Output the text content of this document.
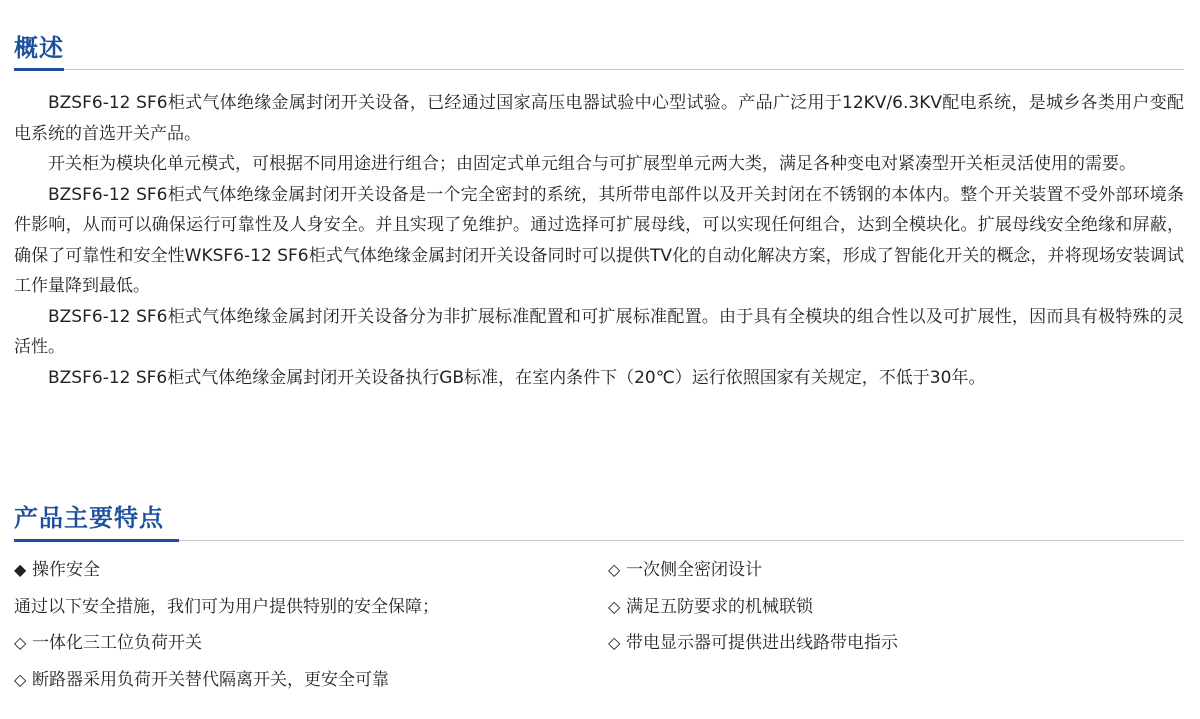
概述

BZSF6-12 SF6柜式气体绝缘金属封闭开关设备，已经通过国家高压电器试验中心型试验。产品广泛用于12KV/6.3KV配电系统，是城乡各类用户变配电系统的首选开关产品。

开关柜为模块化单元模式，可根据不同用途进行组合；由固定式单元组合与可扩展型单元两大类，满足各种变电对紧凑型开关柜灵活使用的需要。

BZSF6-12 SF6柜式气体绝缘金属封闭开关设备是一个完全密封的系统，其所带电部件以及开关封闭在不锈钢的本体内。整个开关装置不受外部环境条件影响，从而可以确保运行可靠性及人身安全。并且实现了免维护。通过选择可扩展母线，可以实现任何组合，达到全模块化。扩展母线安全绝缘和屏蔽，确保了可靠性和安全性WKSF6-12 SF6柜式气体绝缘金属封闭开关设备同时可以提供TV化的自动化解决方案，形成了智能化开关的概念，并将现场安装调试工作量降到最低。

BZSF6-12 SF6柜式气体绝缘金属封闭开关设备分为非扩展标准配置和可扩展标准配置。由于具有全模块的组合性以及可扩展性，因而具有极特殊的灵活性。

BZSF6-12 SF6柜式气体绝缘金属封闭开关设备执行GB标准，在室内条件下（20℃）运行依照国家有关规定，不低于30年。

产品主要特点
◆ 操作安全
通过以下安全措施，我们可为用户提供特别的安全保障；
◇ 一体化三工位负荷开关
◇ 断路器采用负荷开关替代隔离开关，更安全可靠
◇ 一次侧全密闭设计
◇ 满足五防要求的机械联锁
◇ 带电显示器可提供进出线路带电指示
